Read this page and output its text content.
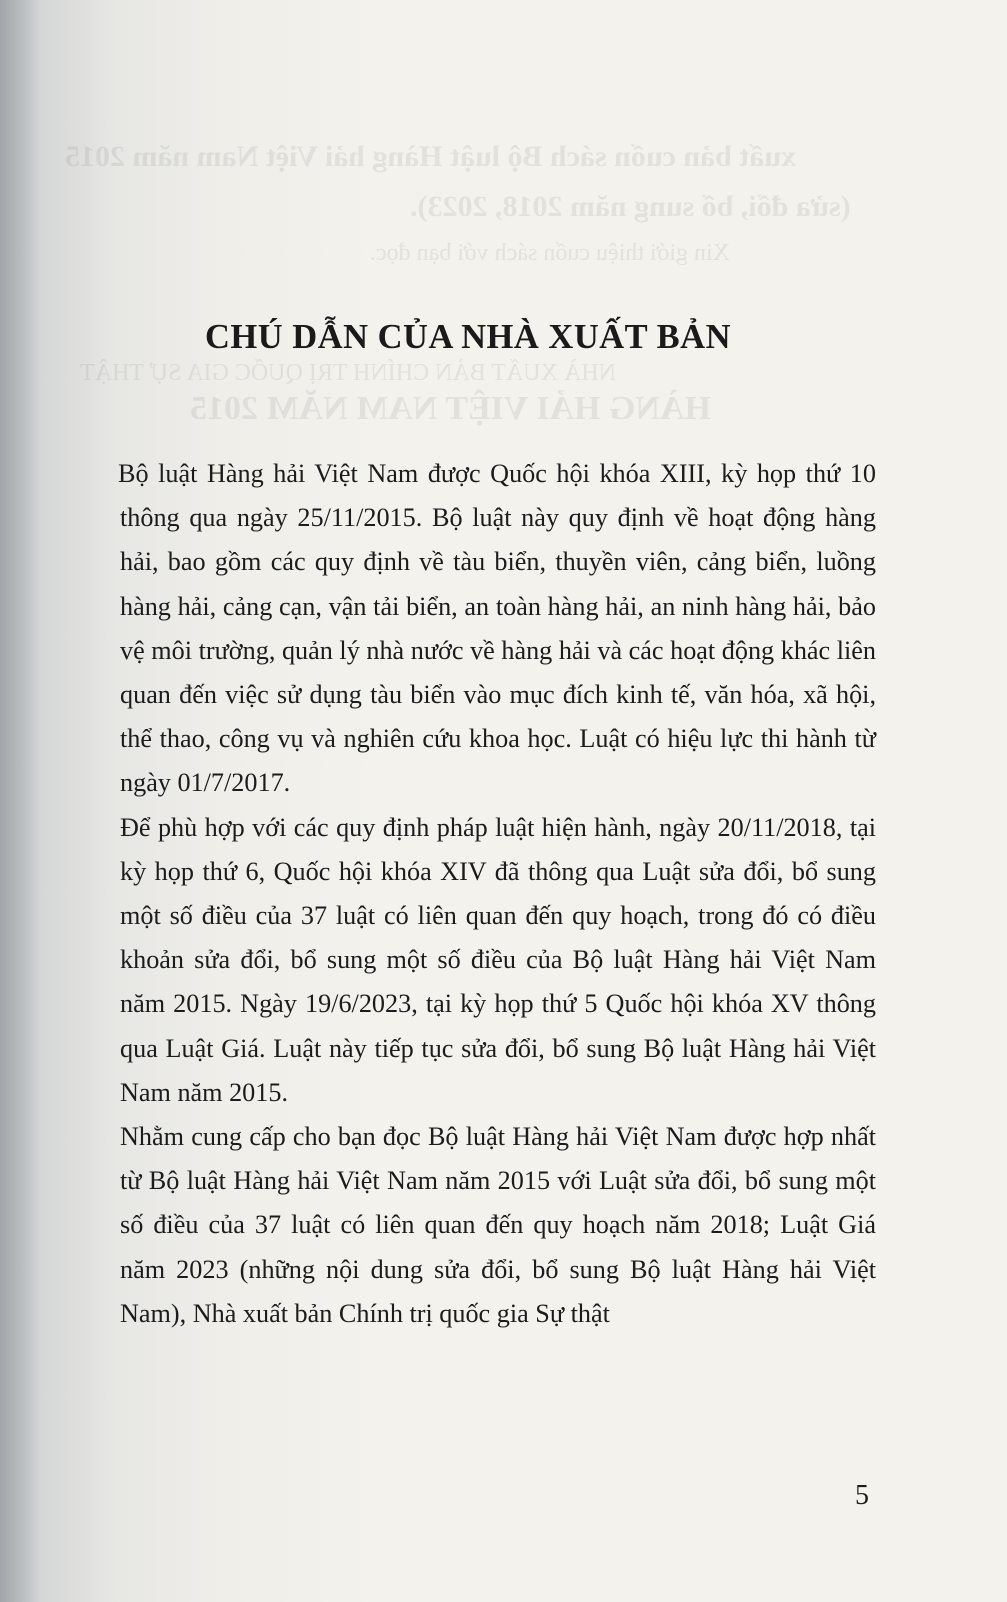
xuất bản cuốn sách Bộ luật Hàng hải Việt Nam năm 2015

(sửa đổi, bổ sung năm 2018, 2023).

Xin giới thiệu cuốn sách với bạn đọc.

NHÀ XUẤT BẢN CHÍNH TRỊ QUỐC GIA SỰ THẬT

HÀNG HẢI VIỆT NAM NĂM 2015

CHÚ DẪN CỦA NHÀ XUẤT BẢN

Bộ luật Hàng hải Việt Nam được Quốc hội khóa XIII, kỳ họp thứ 10 thông qua ngày 25/11/2015. Bộ luật này quy định về hoạt động hàng hải, bao gồm các quy định về tàu biển, thuyền viên, cảng biển, luồng hàng hải, cảng cạn, vận tải biển, an toàn hàng hải, an ninh hàng hải, bảo vệ môi trường, quản lý nhà nước về hàng hải và các hoạt động khác liên quan đến việc sử dụng tàu biển vào mục đích kinh tế, văn hóa, xã hội, thể thao, công vụ và nghiên cứu khoa học. Luật có hiệu lực thi hành từ ngày 01/7/2017.

Để phù hợp với các quy định pháp luật hiện hành, ngày 20/11/2018, tại kỳ họp thứ 6, Quốc hội khóa XIV đã thông qua Luật sửa đổi, bổ sung một số điều của 37 luật có liên quan đến quy hoạch, trong đó có điều khoản sửa đổi, bổ sung một số điều của Bộ luật Hàng hải Việt Nam năm 2015. Ngày 19/6/2023, tại kỳ họp thứ 5 Quốc hội khóa XV thông qua Luật Giá. Luật này tiếp tục sửa đổi, bổ sung Bộ luật Hàng hải Việt Nam năm 2015.

Nhằm cung cấp cho bạn đọc Bộ luật Hàng hải Việt Nam được hợp nhất từ Bộ luật Hàng hải Việt Nam năm 2015 với Luật sửa đổi, bổ sung một số điều của 37 luật có liên quan đến quy hoạch năm 2018; Luật Giá năm 2023 (những nội dung sửa đổi, bổ sung Bộ luật Hàng hải Việt Nam), Nhà xuất bản Chính trị quốc gia Sự thật

5
